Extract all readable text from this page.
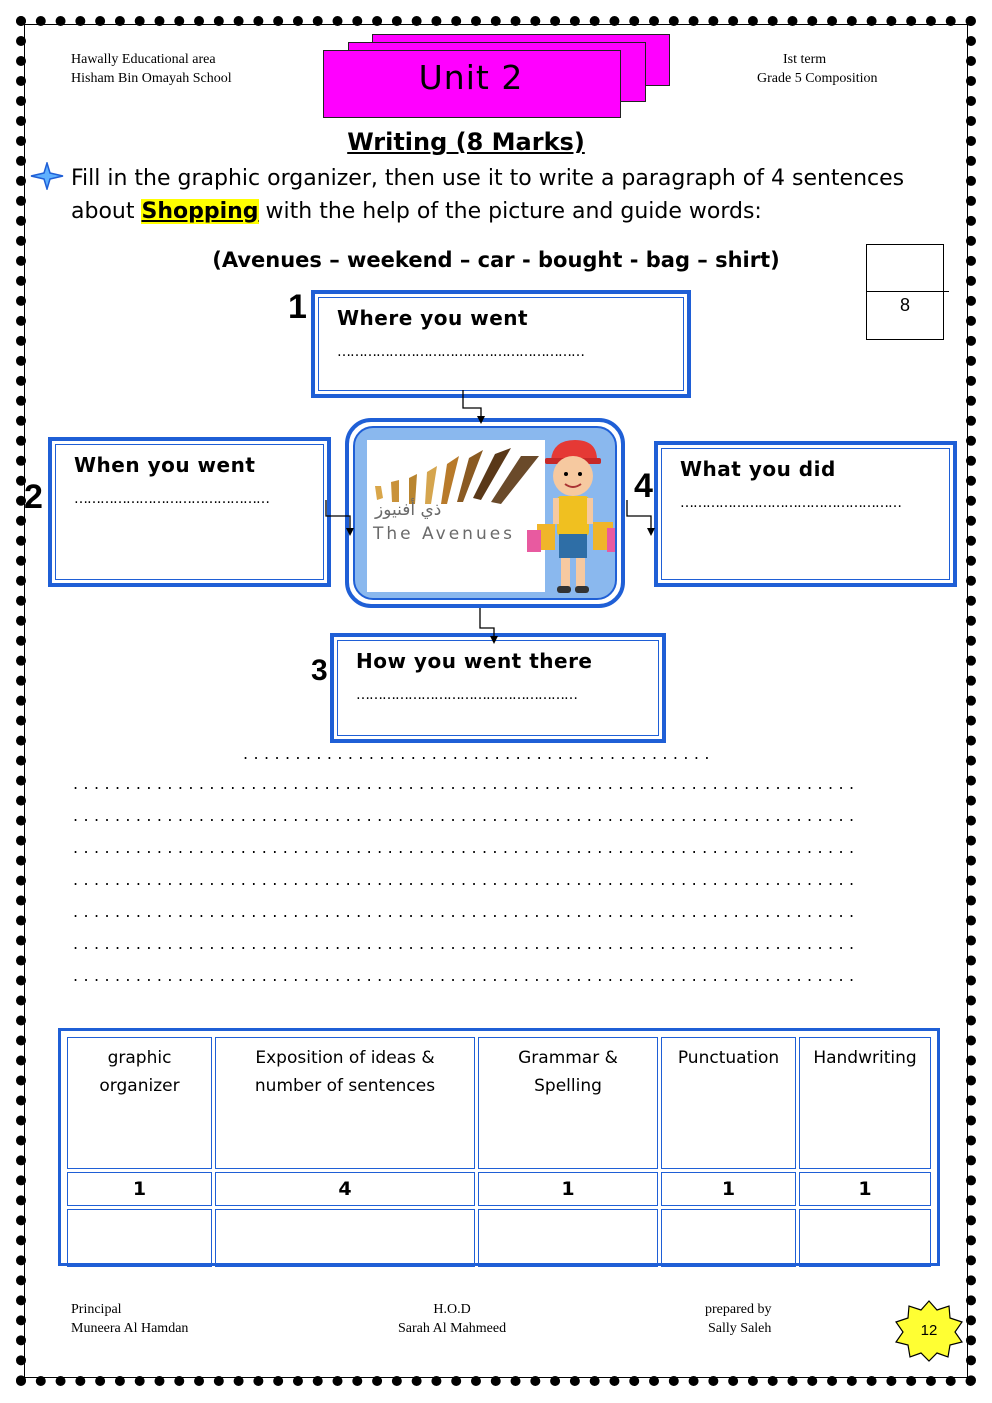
Hawally Educational area
Hisham Bin Omayah School
Ist term
Grade 5 Composition
Unit 2
Writing (8 Marks)
Fill in the graphic organizer, then use it to write a paragraph of 4 sentences about Shopping with the help of the picture and guide words:
(Avenues – weekend – car - bought - bag – shirt)
8
1 Where you went
…………………………………………………
2
When you went
………………………………………	4 What you did
……………………………………………
3 How you went there
……………………………………………
ذي أفنيوز
The Avenues
.............................................
...........................................................................
...........................................................................
...........................................................................
...........................................................................
...........................................................................
...........................................................................
...........................................................................
graphic organizer	Exposition of ideas & number of sentences	Grammar & Spelling	Punctuation	Handwriting
1	4	1	1	1

Principal
Muneera Al Hamdan
H.O.D
Sarah Al Mahmeed
prepared by
Sally Saleh	12
